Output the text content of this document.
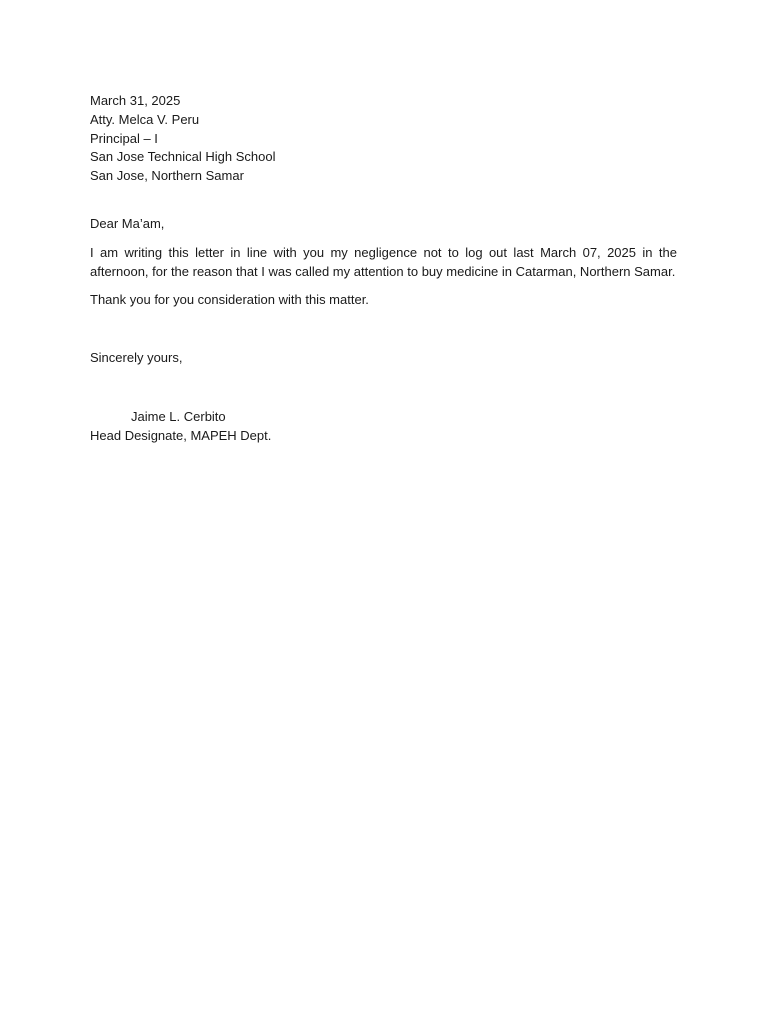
March 31, 2025
Atty. Melca V. Peru
Principal – I
San Jose Technical High School
San Jose, Northern Samar
Dear Ma’am,
I am writing this letter in line with you my negligence not to log out last March 07, 2025 in the afternoon, for the reason that I was called my attention to buy medicine in Catarman, Northern Samar.
Thank you for you consideration with this matter.
Sincerely yours,
Jaime L. Cerbito
Head Designate, MAPEH Dept.
